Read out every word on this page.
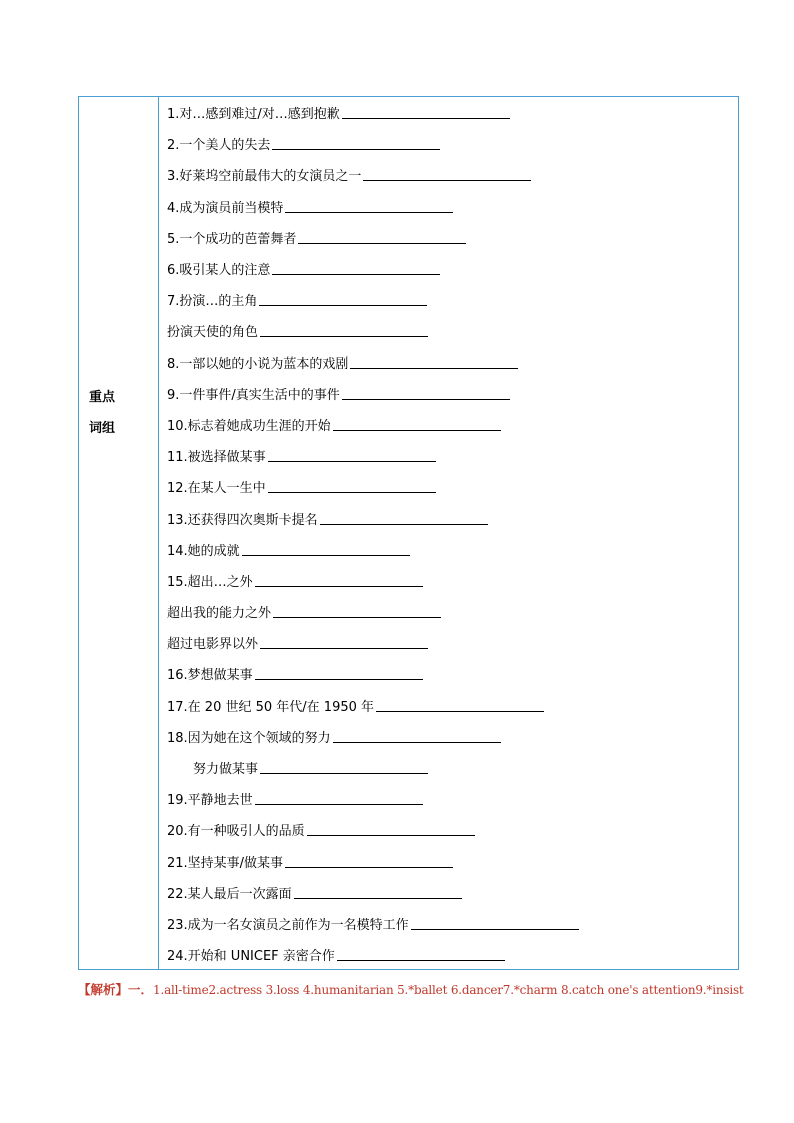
重点
词组
1.对…感到难过/对…感到抱歉
2.一个美人的失去
3.好莱坞空前最伟大的女演员之一
4.成为演员前当模特
5.一个成功的芭蕾舞者
6.吸引某人的注意
7.扮演…的主角
扮演天使的角色
8.一部以她的小说为蓝本的戏剧
9.一件事件/真实生活中的事件
10.标志着她成功生涯的开始
11.被选择做某事
12.在某人一生中
13.还获得四次奥斯卡提名
14.她的成就
15.超出…之外
超出我的能力之外
超过电影界以外
16.梦想做某事
17.在 20 世纪 50 年代/在 1950 年
18.因为她在这个领域的努力
努力做某事
19.平静地去世
20.有一种吸引人的品质
21.坚持某事/做某事
22.某人最后一次露面
23.成为一名女演员之前作为一名模特工作
24.开始和 UNICEF 亲密合作
【解析】一．1.all-time2.actress 3.loss 4.humanitarian 5.*ballet 6.dancer7.*charm 8.catch one's attention9.*insist
